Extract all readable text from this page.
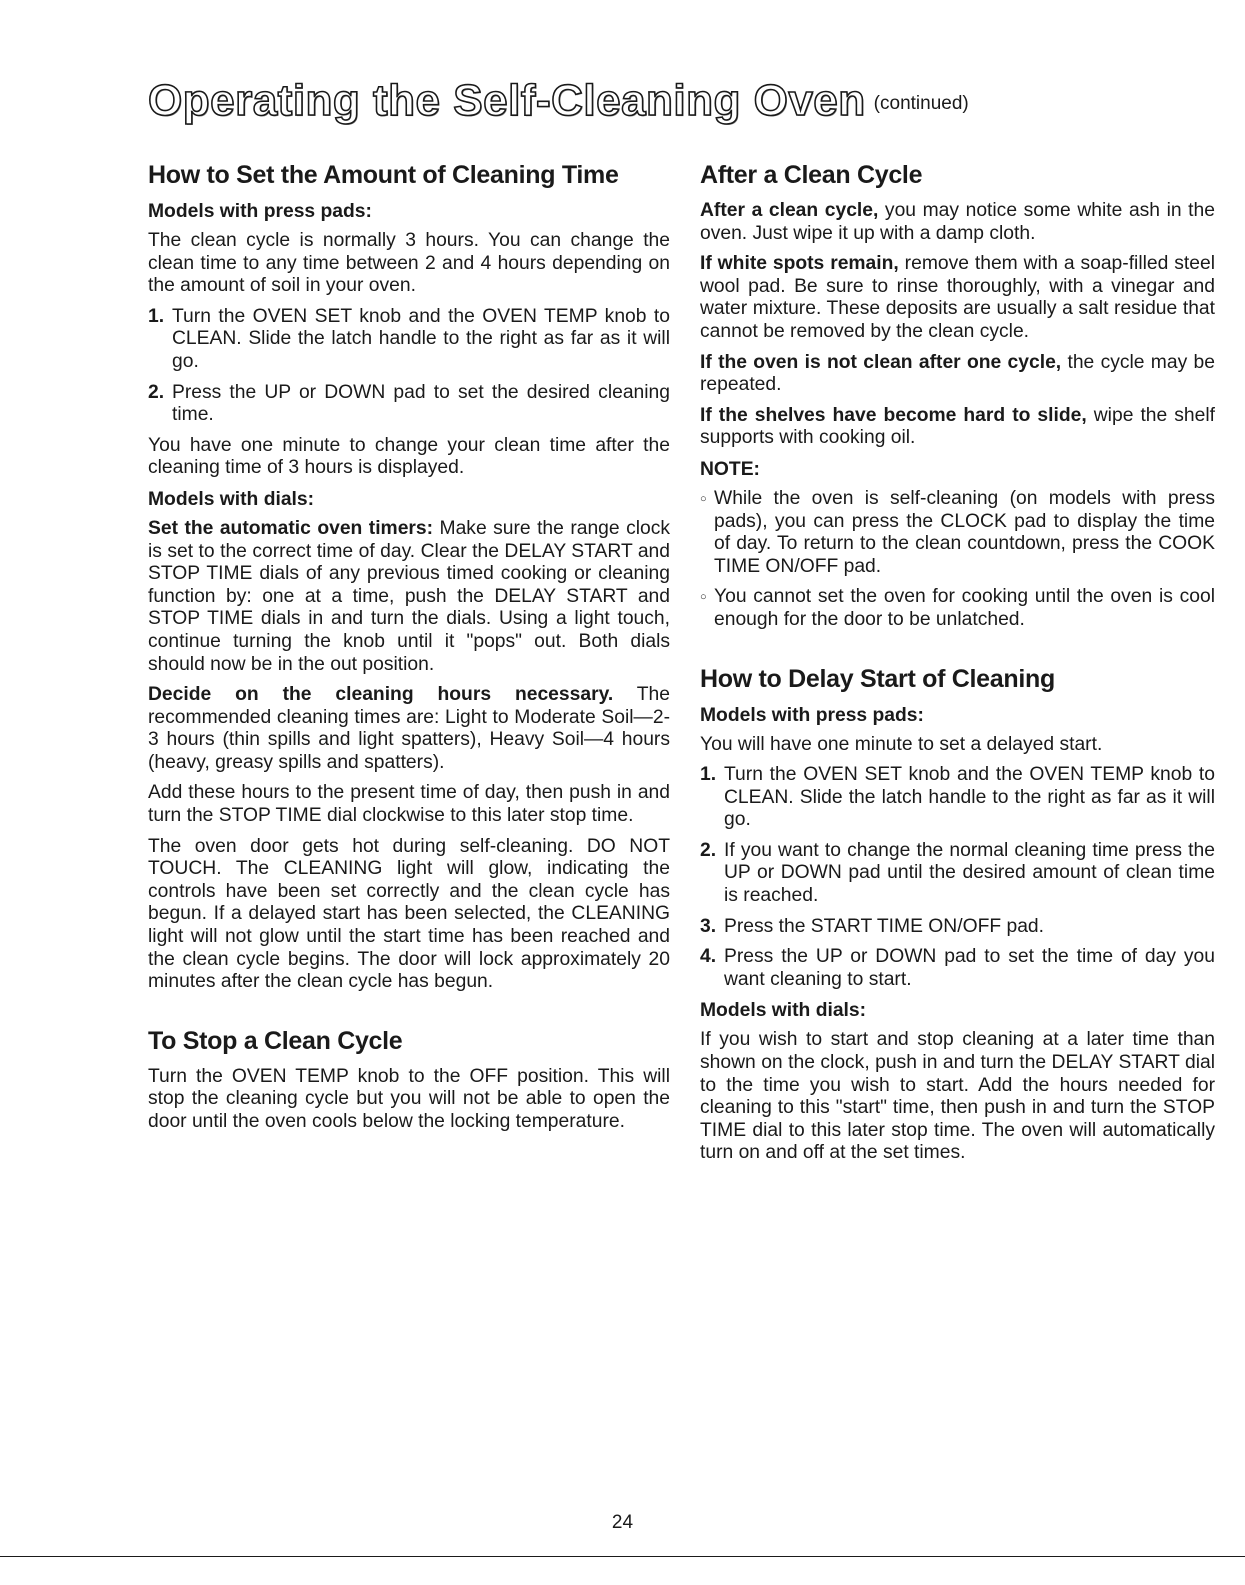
Operating the Self-Cleaning Oven (continued)
How to Set the Amount of Cleaning Time
Models with press pads:

The clean cycle is normally 3 hours. You can change the clean time to any time between 2 and 4 hours depending on the amount of soil in your oven.

1. Turn the OVEN SET knob and the OVEN TEMP knob to CLEAN. Slide the latch handle to the right as far as it will go.
2. Press the UP or DOWN pad to set the desired cleaning time.

You have one minute to change your clean time after the cleaning time of 3 hours is displayed.

Models with dials:

Set the automatic oven timers: Make sure the range clock is set to the correct time of day. Clear the DELAY START and STOP TIME dials of any previous timed cooking or cleaning function by: one at a time, push the DELAY START and STOP TIME dials in and turn the dials. Using a light touch, continue turning the knob until it "pops" out. Both dials should now be in the out position.

Decide on the cleaning hours necessary. The recommended cleaning times are: Light to Moderate Soil—2-3 hours (thin spills and light spatters), Heavy Soil—4 hours (heavy, greasy spills and spatters).

Add these hours to the present time of day, then push in and turn the STOP TIME dial clockwise to this later stop time.

The oven door gets hot during self-cleaning. DO NOT TOUCH. The CLEANING light will glow, indicating the controls have been set correctly and the clean cycle has begun. If a delayed start has been selected, the CLEANING light will not glow until the start time has been reached and the clean cycle begins. The door will lock approximately 20 minutes after the clean cycle has begun.

To Stop a Clean Cycle

Turn the OVEN TEMP knob to the OFF position. This will stop the cleaning cycle but you will not be able to open the door until the oven cools below the locking temperature.

After a Clean Cycle

After a clean cycle, you may notice some white ash in the oven. Just wipe it up with a damp cloth.

If white spots remain, remove them with a soap-filled steel wool pad. Be sure to rinse thoroughly, with a vinegar and water mixture. These deposits are usually a salt residue that cannot be removed by the clean cycle.

If the oven is not clean after one cycle, the cycle may be repeated.

If the shelves have become hard to slide, wipe the shelf supports with cooking oil.

NOTE:
○ While the oven is self-cleaning (on models with press pads), you can press the CLOCK pad to display the time of day. To return to the clean countdown, press the COOK TIME ON/OFF pad.
○ You cannot set the oven for cooking until the oven is cool enough for the door to be unlatched.
How to Delay Start of Cleaning
Models with press pads:

You will have one minute to set a delayed start.

1. Turn the OVEN SET knob and the OVEN TEMP knob to CLEAN. Slide the latch handle to the right as far as it will go.
2. If you want to change the normal cleaning time press the UP or DOWN pad until the desired amount of clean time is reached.
3. Press the START TIME ON/OFF pad.
4. Press the UP or DOWN pad to set the time of day you want cleaning to start.
Models with dials:

If you wish to start and stop cleaning at a later time than shown on the clock, push in and turn the DELAY START dial to the time you wish to start. Add the hours needed for cleaning to this "start" time, then push in and turn the STOP TIME dial to this later stop time. The oven will automatically turn on and off at the set times.

24
